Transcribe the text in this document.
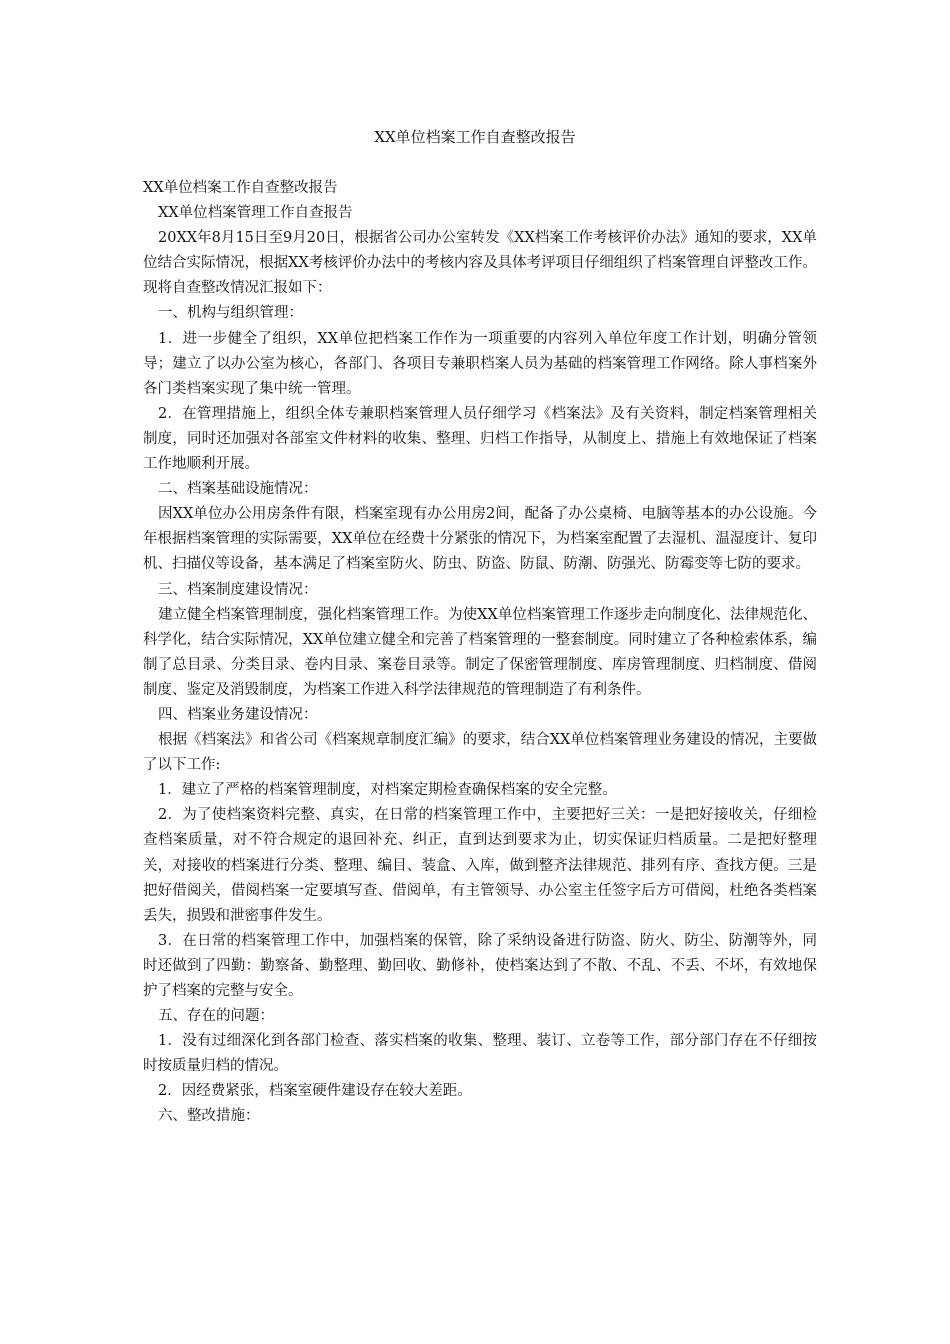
XX单位档案工作自查整改报告

XX单位档案工作自查整改报告

XX单位档案管理工作自查报告

20XX年8月15日至9月20日，根据省公司办公室转发《XX档案工作考核评价办法》通知的要求，XX单位结合实际情况，根据XX考核评价办法中的考核内容及具体考评项目仔细组织了档案管理自评整改工作。现将自查整改情况汇报如下：

一、机构与组织管理：

1．进一步健全了组织，XX单位把档案工作作为一项重要的内容列入单位年度工作计划，明确分管领导；建立了以办公室为核心，各部门、各项目专兼职档案人员为基础的档案管理工作网络。除人事档案外各门类档案实现了集中统一管理。

2．在管理措施上，组织全体专兼职档案管理人员仔细学习《档案法》及有关资料，制定档案管理相关制度，同时还加强对各部室文件材料的收集、整理、归档工作指导，从制度上、措施上有效地保证了档案工作地顺利开展。

二、档案基础设施情况：

因XX单位办公用房条件有限，档案室现有办公用房2间，配备了办公桌椅、电脑等基本的办公设施。今年根据档案管理的实际需要，XX单位在经费十分紧张的情况下，为档案室配置了去湿机、温湿度计、复印机、扫描仪等设备，基本满足了档案室防火、防虫、防盗、防鼠、防潮、防强光、防霉变等七防的要求。

三、档案制度建设情况：

建立健全档案管理制度，强化档案管理工作。为使XX单位档案管理工作逐步走向制度化、法律规范化、科学化，结合实际情况，XX单位建立健全和完善了档案管理的一整套制度。同时建立了各种检索体系，编制了总目录、分类目录、卷内目录、案卷目录等。制定了保密管理制度、库房管理制度、归档制度、借阅制度、鉴定及消毁制度，为档案工作进入科学法律规范的管理制造了有利条件。

四、档案业务建设情况：

根据《档案法》和省公司《档案规章制度汇编》的要求，结合XX单位档案管理业务建设的情况，主要做了以下工作:

1．建立了严格的档案管理制度，对档案定期检查确保档案的安全完整。

2．为了使档案资料完整、真实，在日常的档案管理工作中，主要把好三关：一是把好接收关，仔细检查档案质量，对不符合规定的退回补充、纠正，直到达到要求为止，切实保证归档质量。二是把好整理关，对接收的档案进行分类、整理、编目、装盒、入库，做到整齐法律规范、排列有序、查找方便。三是把好借阅关，借阅档案一定要填写查、借阅单，有主管领导、办公室主任签字后方可借阅，杜绝各类档案丢失，损毁和泄密事件发生。

3．在日常的档案管理工作中，加强档案的保管，除了采纳设备进行防盗、防火、防尘、防潮等外，同时还做到了四勤：勤察备、勤整理、勤回收、勤修补，使档案达到了不散、不乱、不丢、不坏，有效地保护了档案的完整与安全。

五、存在的问题：

1．没有过细深化到各部门检查、落实档案的收集、整理、装订、立卷等工作，部分部门存在不仔细按时按质量归档的情况。

2．因经费紧张，档案室硬件建设存在较大差距。

六、整改措施：
